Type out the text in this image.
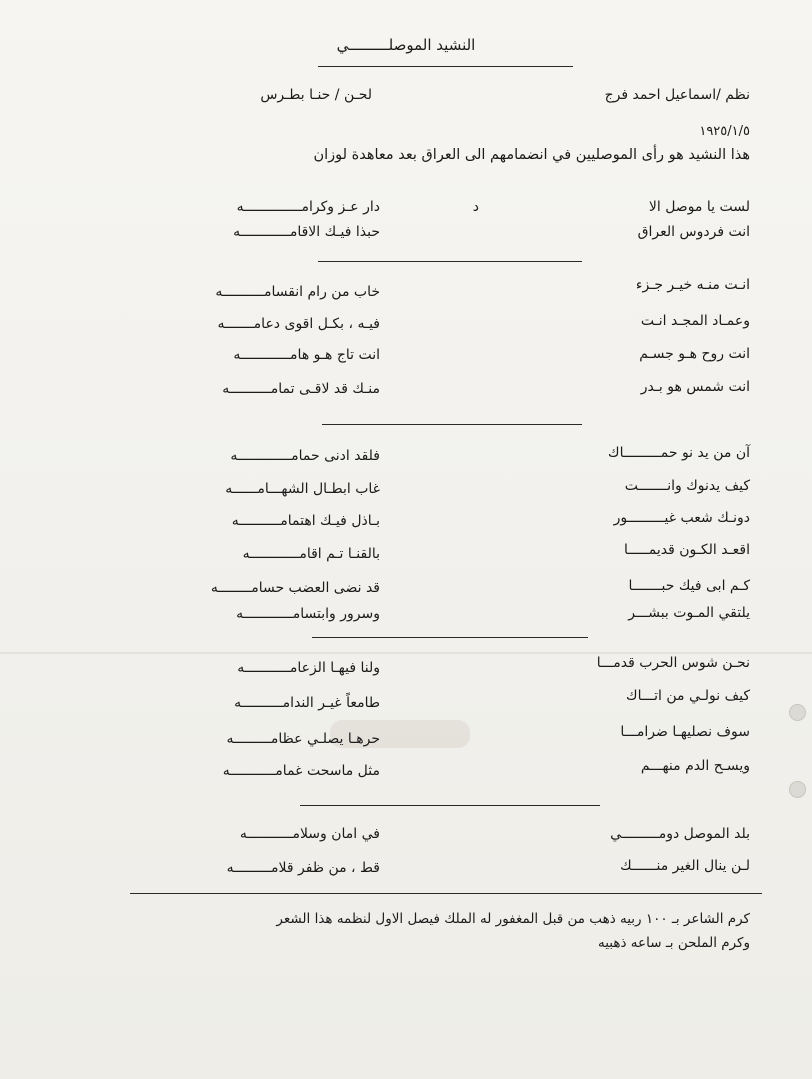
النشيد الموصلـــــــــي
نظم /اسماعيل احمد فرج
لحـن / حنـا بطـرس
١٩٢٥/١/٥
هذا النشيد هو رأى الموصليين في انضمامهم الى العراق بعد معاهدة لوزان
لست يا موصل الا
د
دار عـز وكرامــــــــــــــه
انت فردوس العراق
حبذا فيـك الاقامــــــــــــه
انـت منـه خيـر جـزء
خاب من رام انقسامــــــــــه
وعمـاد المجـد انـت
فيـه ، بكـل اقوى دعامـــــــه
انت روح هـو جسـم
انت تاج هـو هامــــــــــــه
انت شمس هو بـدر
منـك قد لاقـى تمامــــــــــه
آن من يد نو حمـــــــــاك
فلقد ادنى حمامـــــــــــــه
كيف يدنوك وانـــــــت
غاب ابطـال الشهـــامــــــه
دونـك شعب غيـــــــــور
بـاذل فيـك اهتمامــــــــــه
اقعـد الكـون قديمـــــا
بالقنـا تـم اقامــــــــــــه
كـم ابى فيك حبـــــــا
قد نضى العضب حسامــــــــه
يلتقي المـوت ببشـــر
وسرور وابتسامــــــــــــه
نحـن شوس الحرب قدمـــا
ولنا فيهـا الزعامـــــــــــه
كيف نولـي من اتـــاك
طامعاً غيـر الندامــــــــــه
سوف نصليهـا ضرامـــا
حرهـا يصلـي عظامـــــــــه
ويسـح الدم منهـــم
مثل ماسحت غمامـــــــــــه
بلد الموصل دومـــــــــي
في امان وسلامـــــــــــه
لـن ينال الغير منــــــك
قط ، من ظفر قلامـــــــــه
كرم الشاعر بـ ١٠٠ ربيه ذهب من قبل المغفور له الملك فيصل الاول لنظمه هذا الشعر
وكرم الملحن بـ ساعه ذهبيه
